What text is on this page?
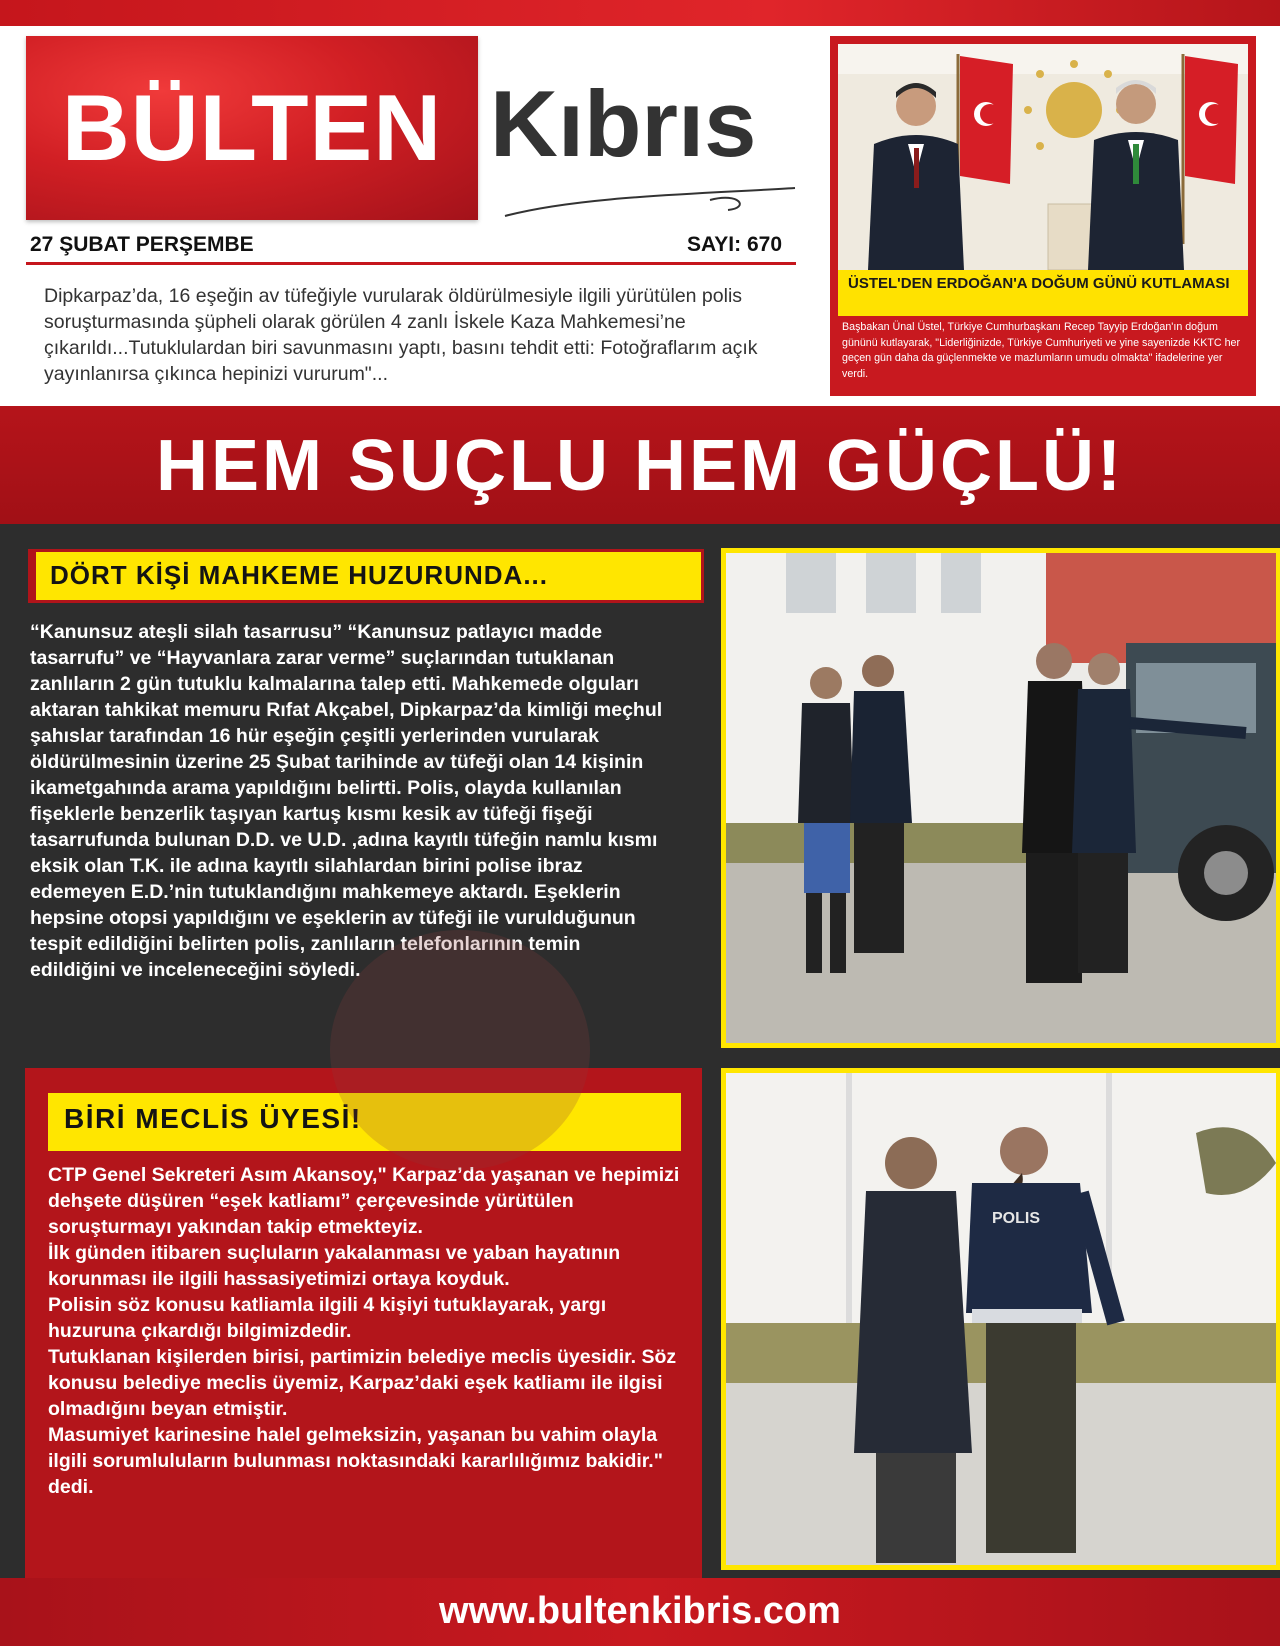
BÜLTEN Kıbrıs
27 ŞUBAT PERŞEMBE	SAYI: 670
Dipkarpaz’da, 16 eşeğin av tüfeğiyle vurularak öldürülmesiyle ilgili yürütülen polis soruşturmasında şüpheli olarak görülen 4 zanlı İskele Kaza Mahkemesi’ne çıkarıldı...Tutuklulardan biri savunmasını yaptı, basını tehdit etti: Fotoğraflarım açık yayınlanırsa çıkınca hepinizi vururum"...
ÜSTEL'DEN ERDOĞAN'A DOĞUM GÜNÜ KUTLAMASI
Başbakan Ünal Üstel, Türkiye Cumhurbaşkanı Recep Tayyip Erdoğan'ın doğum gününü kutlayarak, "Liderliğinizde, Türkiye Cumhuriyeti ve yine sayenizde KKTC her geçen gün daha da güçlenmekte ve mazlumların umudu olmakta" ifadelerine yer verdi.
HEM SUÇLU HEM GÜÇLÜ!
DÖRT KİŞİ MAHKEME HUZURUNDA...
“Kanunsuz ateşli silah tasarrusu” “Kanunsuz patlayıcı madde tasarrufu” ve “Hayvanlara zarar verme” suçlarından tutuklanan zanlıların 2 gün tutuklu kalmalarına talep etti. Mahkemede olguları aktaran tahkikat memuru Rıfat Akçabel, Dipkarpaz’da kimliği meçhul şahıslar tarafından 16 hür eşeğin çeşitli yerlerinden vurularak öldürülmesinin üzerine 25 Şubat tarihinde av tüfeği olan 14 kişinin ikametgahında arama yapıldığını belirtti. Polis, olayda kullanılan fişeklerle benzerlik taşıyan kartuş kısmı kesik av tüfeği fişeği tasarrufunda bulunan D.D. ve U.D. ,adına kayıtlı tüfeğin namlu kısmı eksik olan T.K. ile adına kayıtlı silahlardan birini polise ibraz edemeyen E.D.’nin tutuklandığını mahkemeye aktardı. Eşeklerin hepsine otopsi yapıldığını ve eşeklerin av tüfeği ile vurulduğunun tespit edildiğini belirten polis, zanlıların telefonlarının temin edildiğini ve inceleneceğini söyledi.
BİRİ MECLİS ÜYESİ!
CTP Genel Sekreteri Asım Akansoy," Karpaz’da yaşanan ve hepimizi dehşete düşüren “eşek katliamı” çerçevesinde yürütülen soruşturmayı yakından takip etmekteyiz.
İlk günden itibaren suçluların yakalanması ve yaban hayatının korunması ile ilgili hassasiyetimizi ortaya koyduk.
Polisin söz konusu katliamla ilgili 4 kişiyi tutuklayarak, yargı huzuruna çıkardığı bilgimizdedir.
Tutuklanan kişilerden birisi, partimizin belediye meclis üyesidir. Söz konusu belediye meclis üyemiz, Karpaz’daki eşek katliamı ile ilgisi olmadığını beyan etmiştir.
Masumiyet karinesine halel gelmeksizin, yaşanan bu vahim olayla ilgili sorumluluların bulunması noktasındaki kararlılığımız bakidir." dedi.
POLIS
www.bultenkibris.com
